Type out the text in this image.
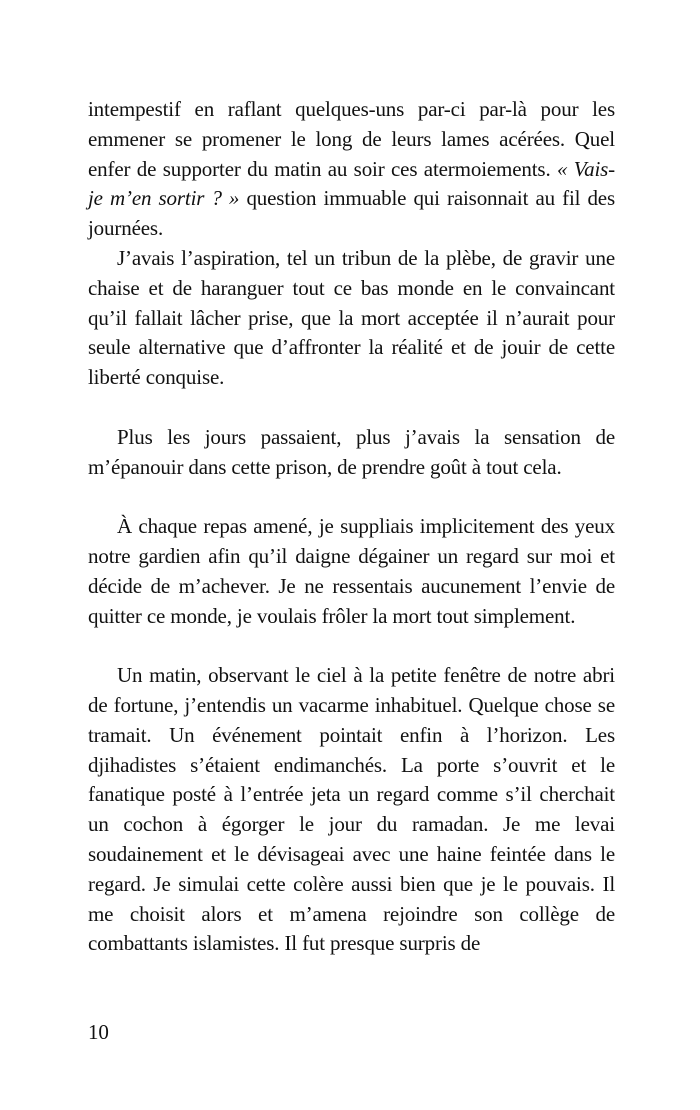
intempestif en raflant quelques-uns par-ci par-là pour les emmener se promener le long de leurs lames acérées. Quel enfer de supporter du matin au soir ces atermoiements. « Vais-je m’en sortir ? » question immuable qui raisonnait au fil des journées.

J’avais l’aspiration, tel un tribun de la plèbe, de gravir une chaise et de haranguer tout ce bas monde en le convaincant qu’il fallait lâcher prise, que la mort acceptée il n’aurait pour seule alternative que d’affronter la réalité et de jouir de cette liberté conquise.

Plus les jours passaient, plus j’avais la sensation de m’épanouir dans cette prison, de prendre goût à tout cela.

À chaque repas amené, je suppliais implicitement des yeux notre gardien afin qu’il daigne dégainer un regard sur moi et décide de m’achever. Je ne ressentais aucunement l’envie de quitter ce monde, je voulais frôler la mort tout simplement.

Un matin, observant le ciel à la petite fenêtre de notre abri de fortune, j’entendis un vacarme inhabituel. Quelque chose se tramait. Un événement pointait enfin à l’horizon. Les djihadistes s’étaient endimanchés. La porte s’ouvrit et le fanatique posté à l’entrée jeta un regard comme s’il cherchait un cochon à égorger le jour du ramadan. Je me levai soudainement et le dévisageai avec une haine feintée dans le regard. Je simulai cette colère aussi bien que je le pouvais. Il me choisit alors et m’amena rejoindre son collège de combattants islamistes. Il fut presque surpris de

10
